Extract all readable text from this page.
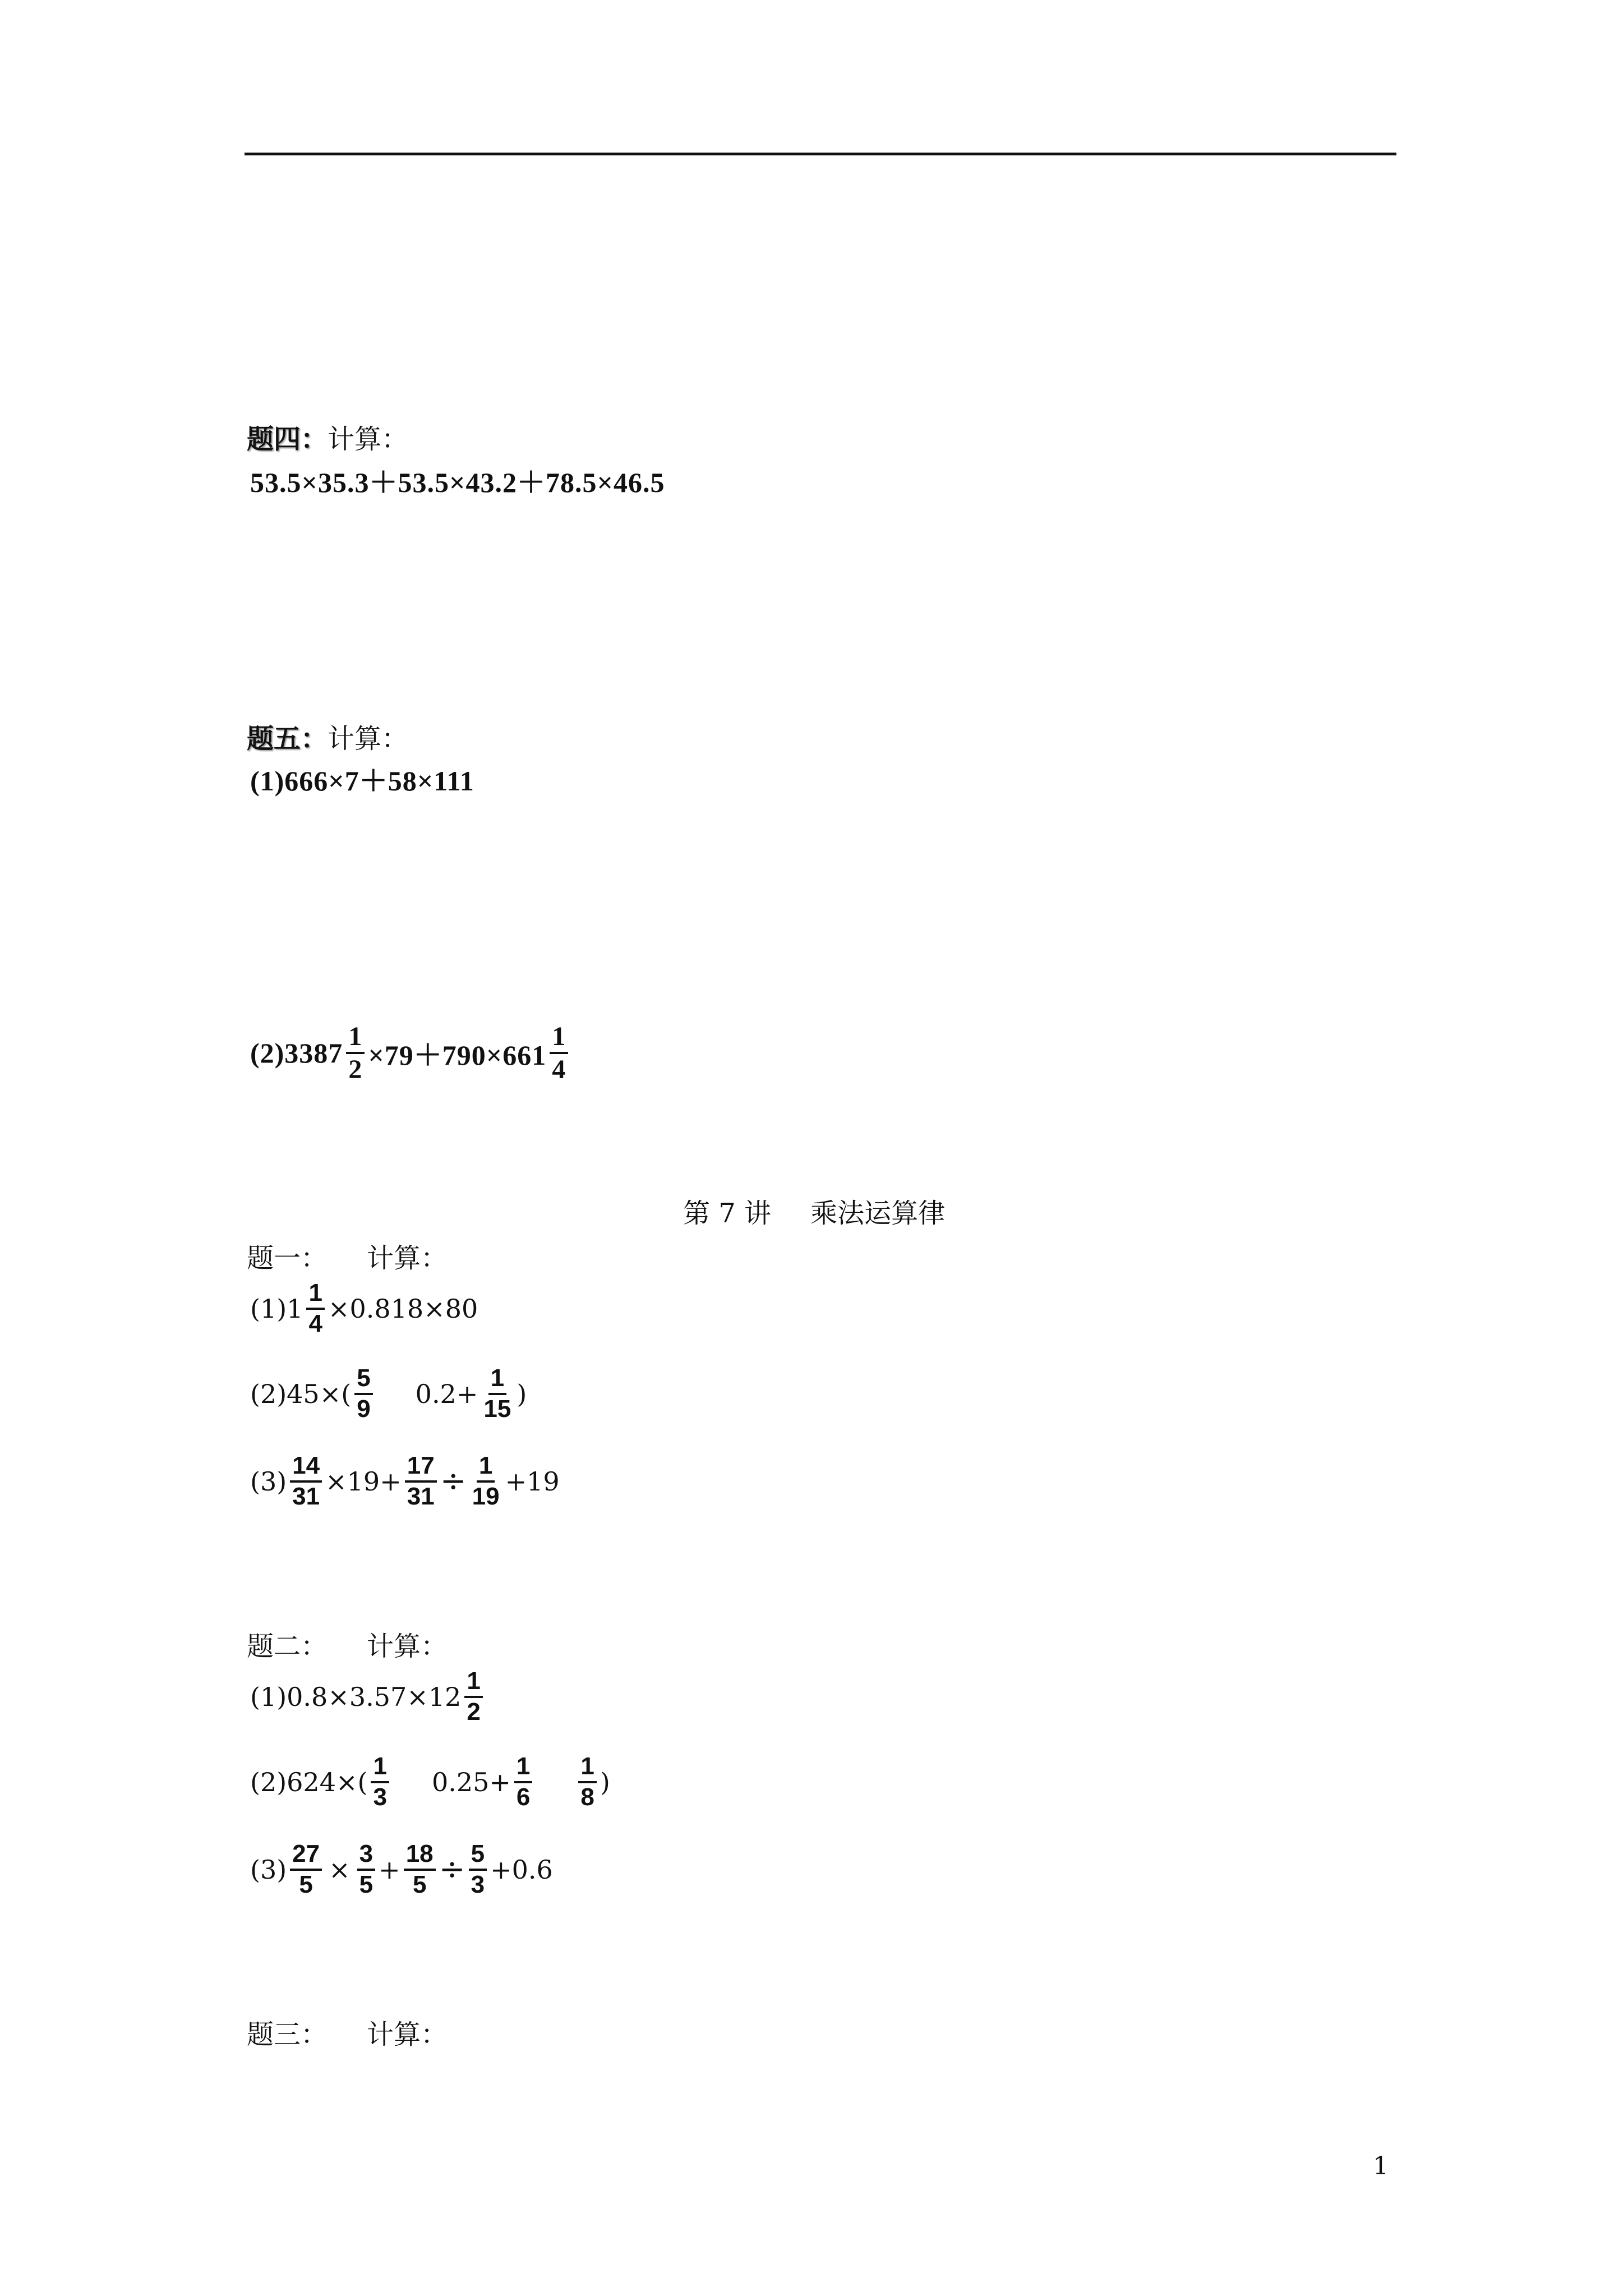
题四：计算：
53.5×35.3＋53.5×43.2＋78.5×46.5
题五：计算：
(1)666×7＋58×111
$(2)3387 \frac{1}{2} \times 79+790\times 661 \frac{1}{4}$
第 7 讲 乘法运算律
题一： 计算：
$(1)1 \frac{1}{4} \times 0.818\times 80$
$(2)45\times( \frac{5}{9} 0.2+ \frac{1}{15}$ )
$(3) \frac{14}{31} \times 19+ \frac{17}{31} \div \frac{1}{19} +19$
题二： 计算：
$(1)0.8\times 3.57\times 12 \frac{1}{2}$
$(2)624\times( \frac{1}{3} 0.25+ \frac{1}{6} \frac{1}{8}$ )
$(3) \frac{27}{5} \times \frac{3}{5} + \frac{18}{5} \div \frac{5}{3} +0.6$
题三： 计算：
1
